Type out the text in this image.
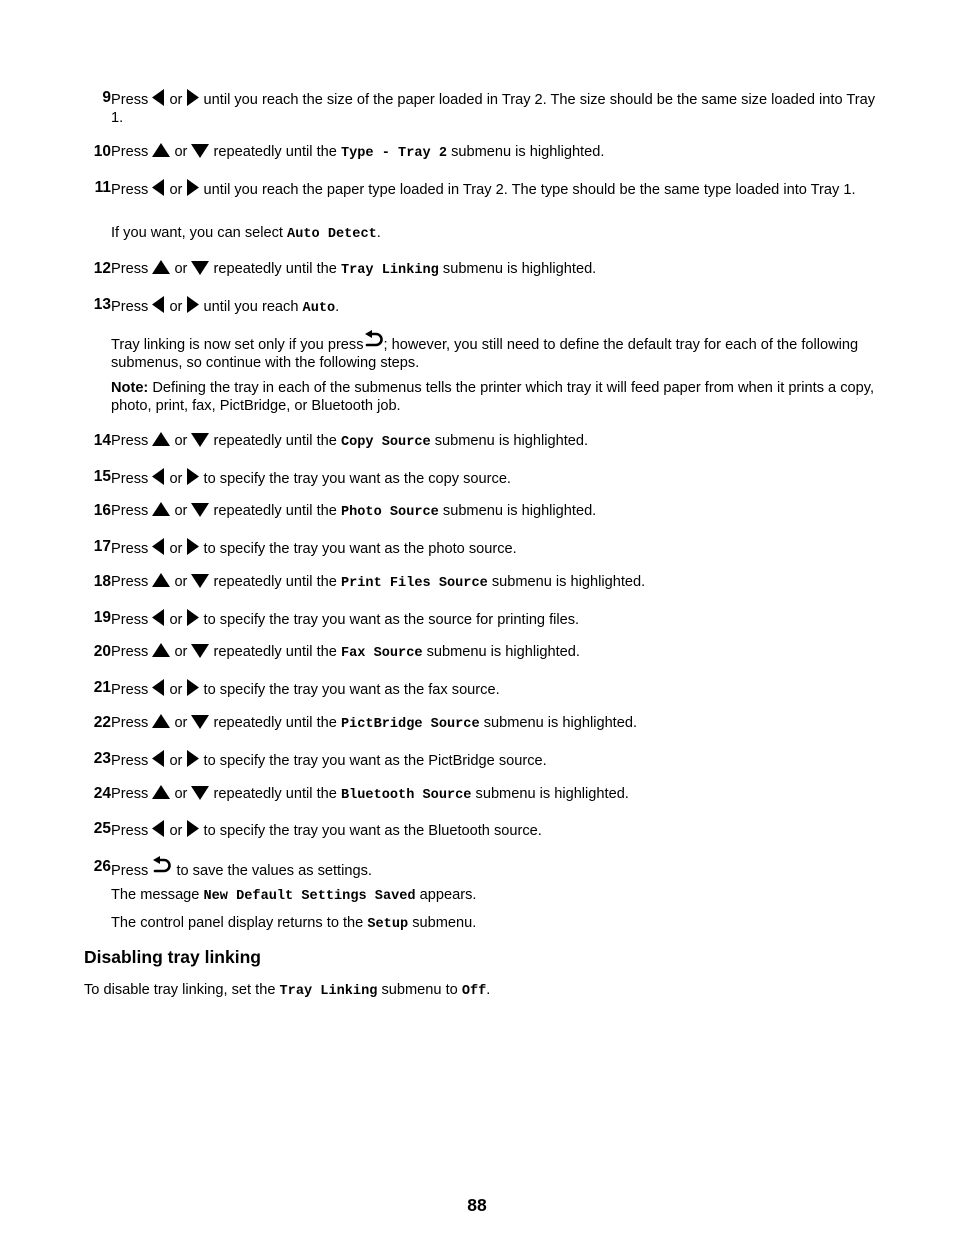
9 Press or until you reach the size of the paper loaded in Tray 2. The size should be the same size loaded into Tray 1.
10 Press or repeatedly until the Type - Tray 2 submenu is highlighted.
11 Press or until you reach the paper type loaded in Tray 2. The type should be the same type loaded into Tray 1.
If you want, you can select Auto Detect.
12 Press or repeatedly until the Tray Linking submenu is highlighted.
13 Press or until you reach Auto.
Tray linking is now set only if you press ; however, you still need to define the default tray for each of the following submenus, so continue with the following steps.
Note: Defining the tray in each of the submenus tells the printer which tray it will feed paper from when it prints a copy, photo, print, fax, PictBridge, or Bluetooth job.
14 Press or repeatedly until the Copy Source submenu is highlighted.
15 Press or to specify the tray you want as the copy source.
16 Press or repeatedly until the Photo Source submenu is highlighted.
17 Press or to specify the tray you want as the photo source.
18 Press or repeatedly until the Print Files Source submenu is highlighted.
19 Press or to specify the tray you want as the source for printing files.
20 Press or repeatedly until the Fax Source submenu is highlighted.
21 Press or to specify the tray you want as the fax source.
22 Press or repeatedly until the PictBridge Source submenu is highlighted.
23 Press or to specify the tray you want as the PictBridge source.
24 Press or repeatedly until the Bluetooth Source submenu is highlighted.
25 Press or to specify the tray you want as the Bluetooth source.
26 Press to save the values as settings.
The message New Default Settings Saved appears.
The control panel display returns to the Setup submenu.
Disabling tray linking
To disable tray linking, set the Tray Linking submenu to Off.
88
